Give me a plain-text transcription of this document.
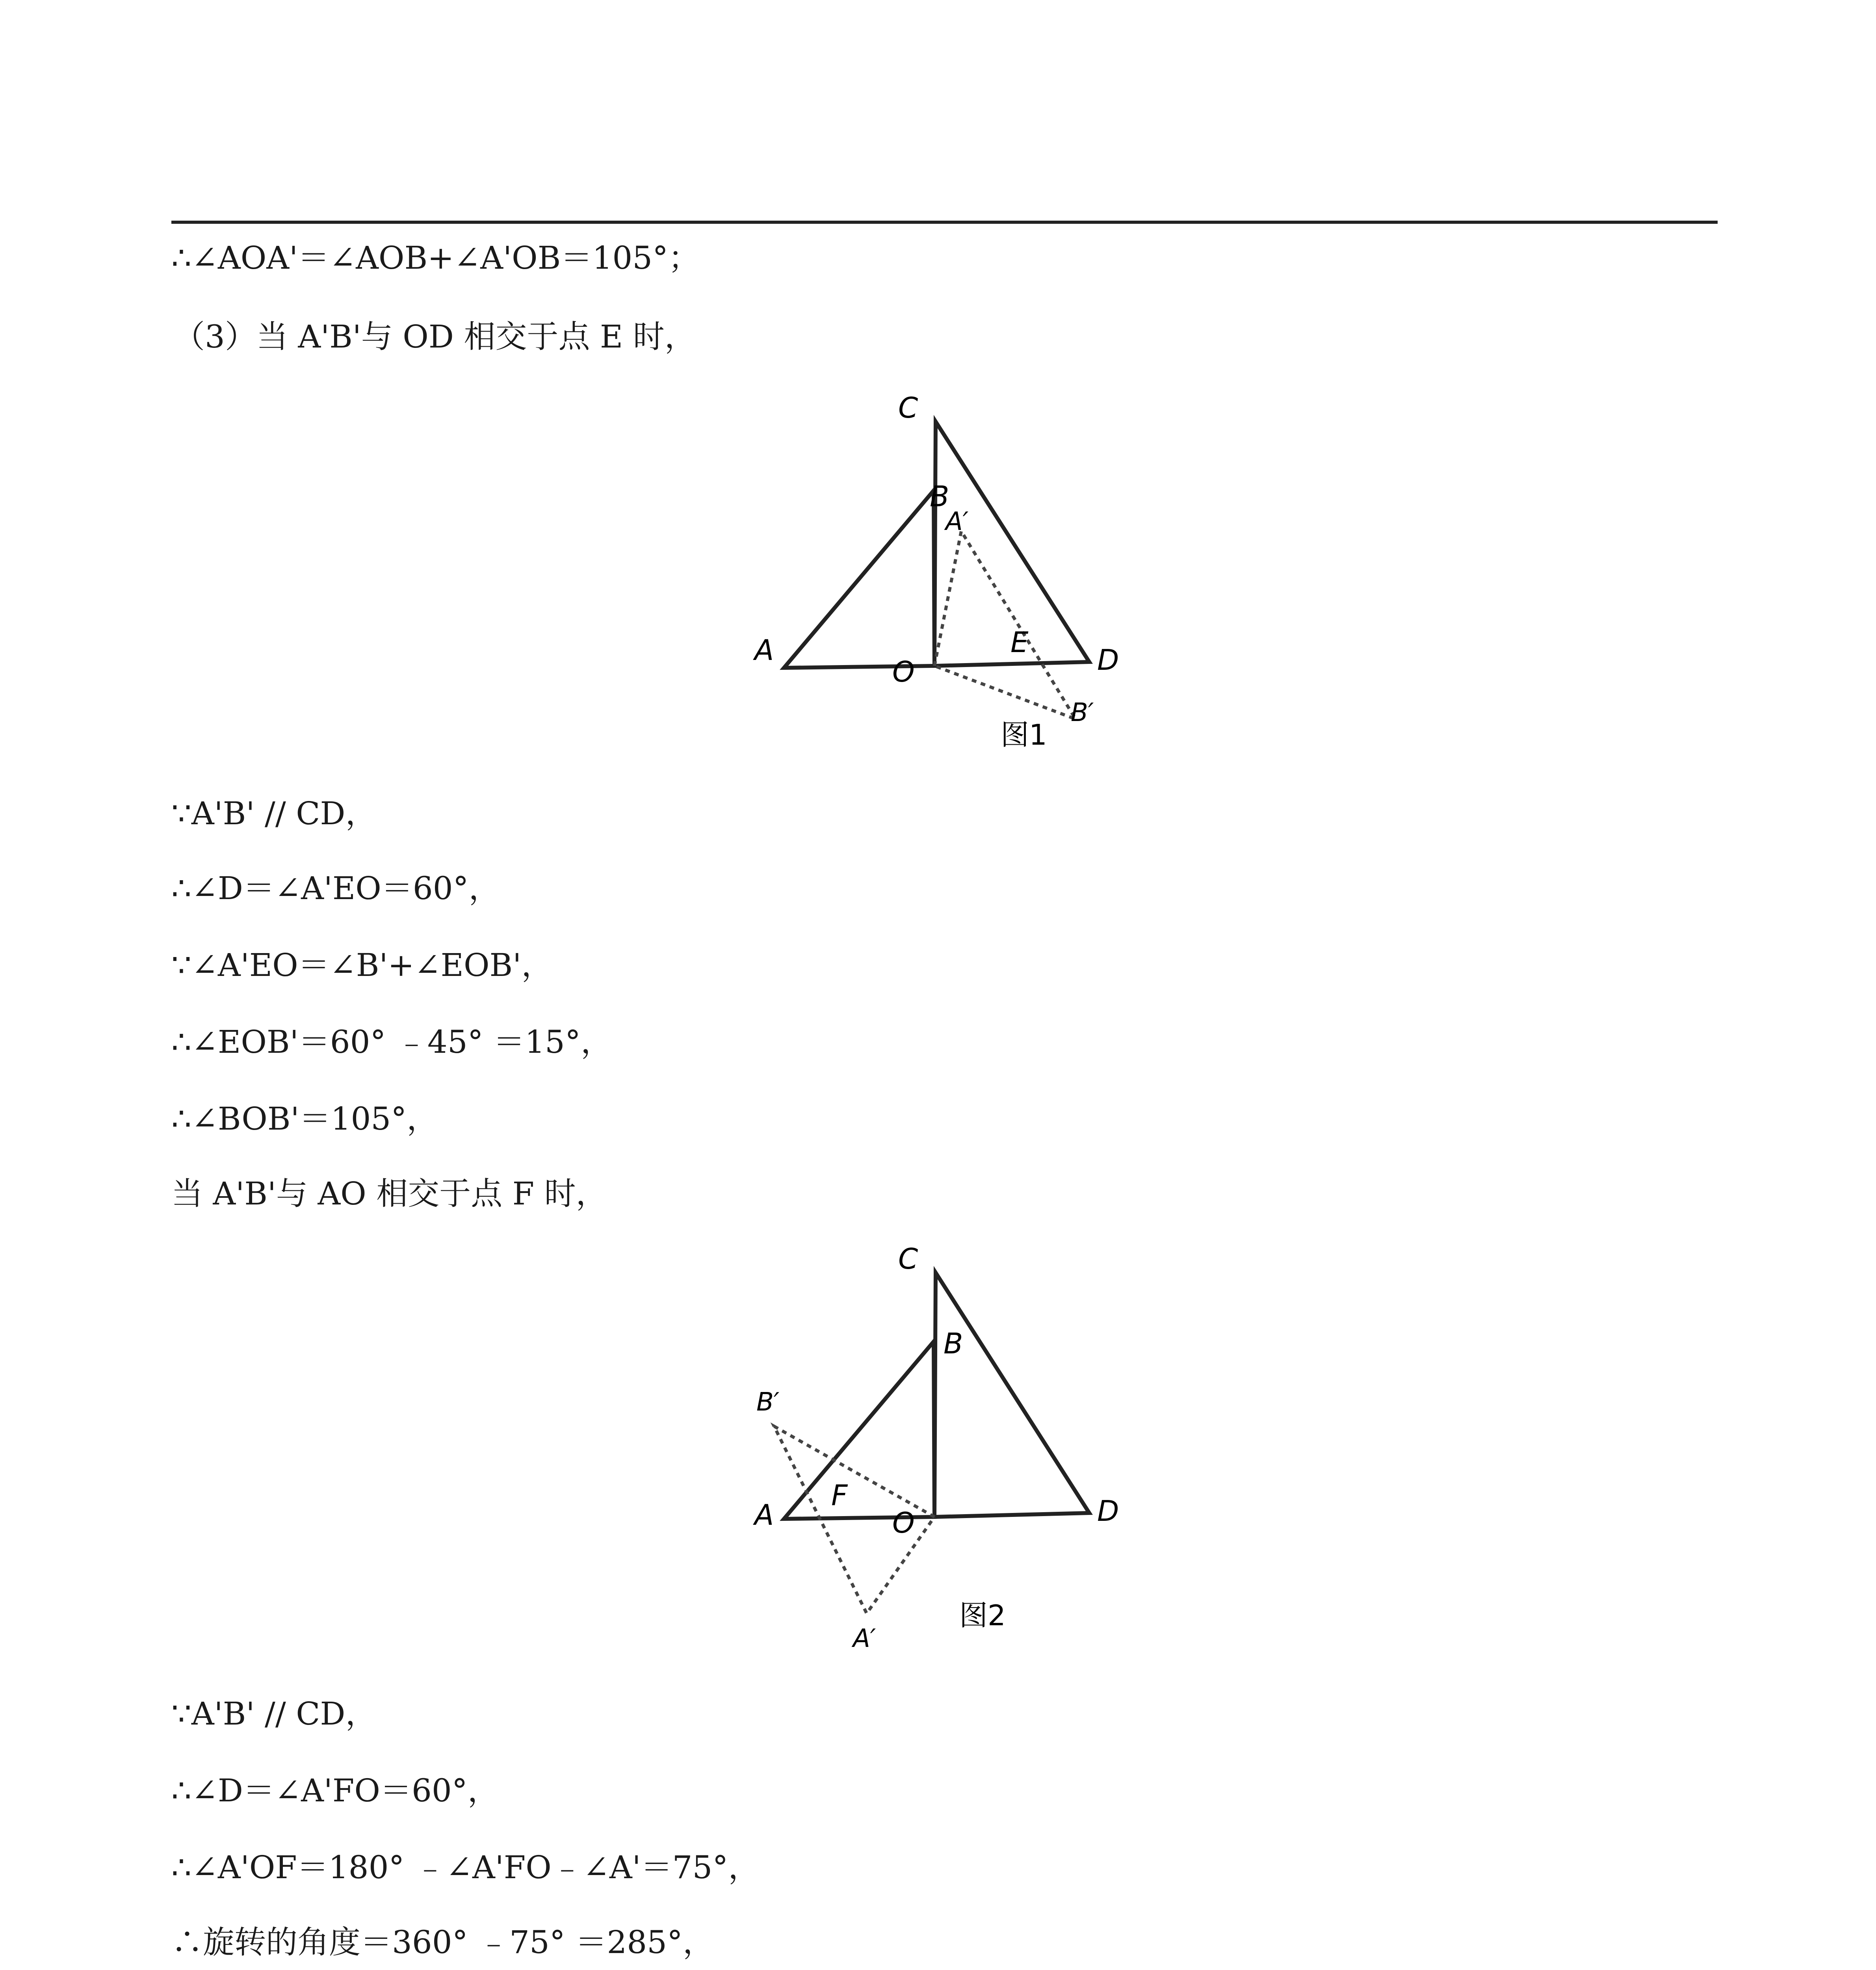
∴∠AOA'＝∠AOB+∠A'OB＝105°；
（3）当 A'B'与 OD 相交于点 E 时，
C
B
A′
A
O
E
D
B′
图1
∵A'B' // CD，
∴∠D＝∠A'EO＝60°，
∵∠A'EO＝∠B'+∠EOB'，
∴∠EOB'＝60° ﹣45° ＝15°，
∴∠BOB'＝105°，
当 A'B'与 AO 相交于点 F 时，
C
B
B′
A
F
O	D
A′
图2
∵A'B' // CD，
∴∠D＝∠A'FO＝60°，
∴∠A'OF＝180° ﹣∠A'FO﹣∠A'＝75°，
∴旋转的角度＝360° ﹣75° ＝285°，
